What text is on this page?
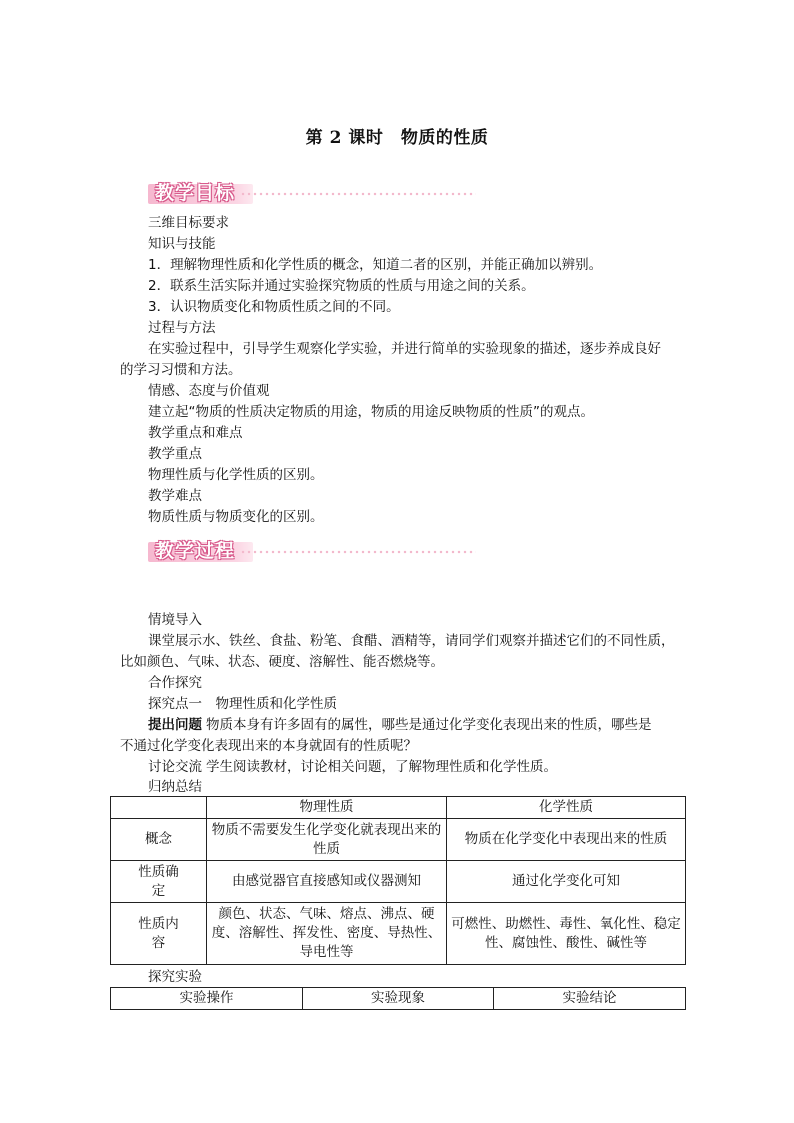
第 2 课时　物质的性质
教学目标
三维目标要求
知识与技能
1．理解物理性质和化学性质的概念，知道二者的区别，并能正确加以辨别。
2．联系生活实际并通过实验探究物质的性质与用途之间的关系。
3．认识物质变化和物质性质之间的不同。
过程与方法
在实验过程中，引导学生观察化学实验，并进行简单的实验现象的描述，逐步养成良好
的学习习惯和方法。
情感、态度与价值观
建立起“物质的性质决定物质的用途，物质的用途反映物质的性质”的观点。
教学重点和难点
教学重点
物理性质与化学性质的区别。
教学难点
物质性质与物质变化的区别。
教学过程
情境导入
课堂展示水、铁丝、食盐、粉笔、食醋、酒精等，请同学们观察并描述它们的不同性质，
比如颜色、气味、状态、硬度、溶解性、能否燃烧等。
合作探究
探究点一　物理性质和化学性质
提出问题 物质本身有许多固有的属性，哪些是通过化学变化表现出来的性质，哪些是
不通过化学变化表现出来的本身就固有的性质呢？
讨论交流 学生阅读教材，讨论相关问题，了解物理性质和化学性质。
归纳总结
	物理性质	化学性质
概念	物质不需要发生化学变化就表现出来的性质	物质在化学变化中表现出来的性质
性质确定	由感觉器官直接感知或仪器测知	通过化学变化可知
性质内容	颜色、状态、气味、熔点、沸点、硬度、溶解性、挥发性、密度、导热性、导电性等	可燃性、助燃性、毒性、氧化性、稳定性、腐蚀性、酸性、碱性等
探究实验
实验操作	实验现象	实验结论
